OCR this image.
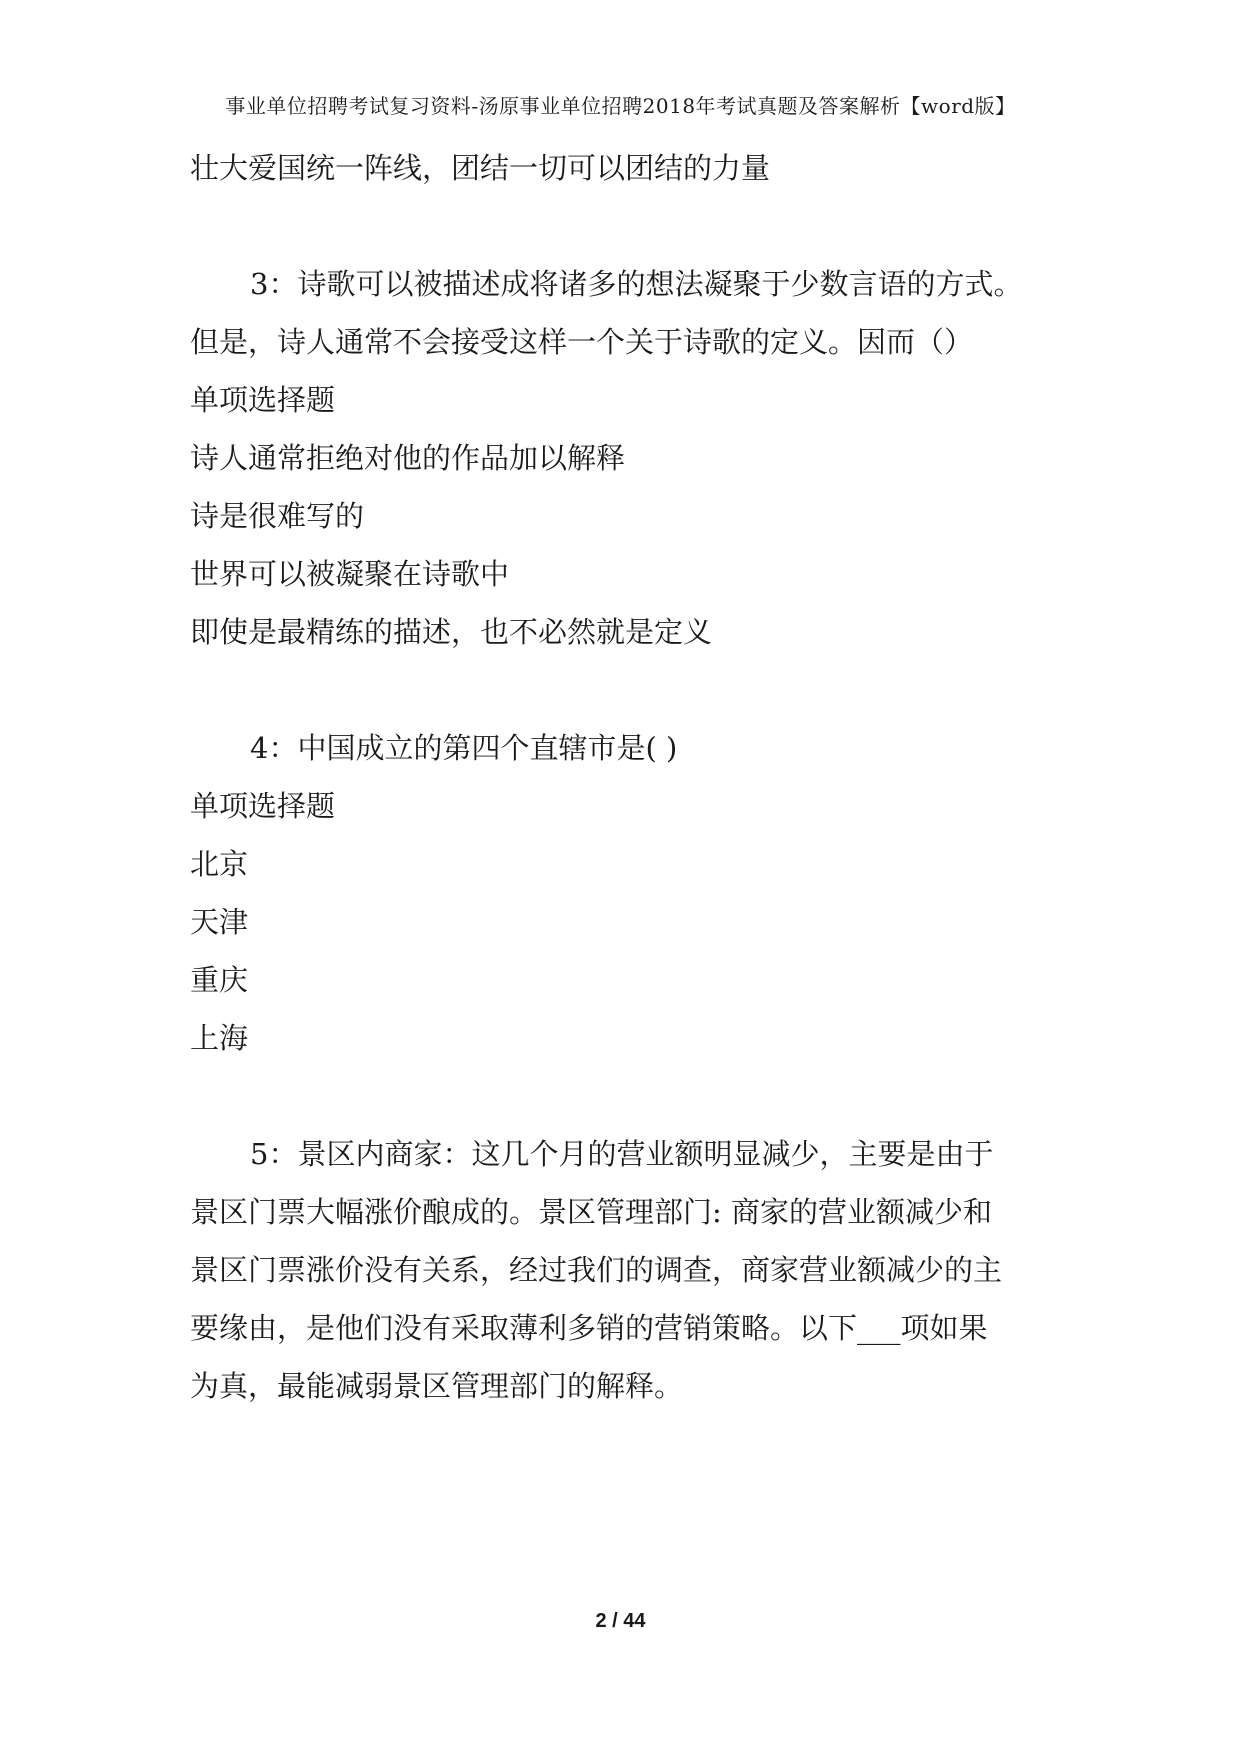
事业单位招聘考试复习资料-汤原事业单位招聘2018年考试真题及答案解析【word版】
壮大爱国统一阵线，团结一切可以团结的力量
3：诗歌可以被描述成将诸多的想法凝聚于少数言语的方式。
但是，诗人通常不会接受这样一个关于诗歌的定义。因而（）
单项选择题
诗人通常拒绝对他的作品加以解释
诗是很难写的
世界可以被凝聚在诗歌中
即使是最精练的描述，也不必然就是定义
4：中国成立的第四个直辖市是( )
单项选择题
北京
天津
重庆
上海
5：景区内商家：这几个月的营业额明显减少，主要是由于
景区门票大幅涨价酿成的。景区管理部门: 商家的营业额减少和
景区门票涨价没有关系，经过我们的调查，商家营业额减少的主
要缘由，是他们没有采取薄利多销的营销策略。以下___项如果
为真，最能减弱景区管理部门的解释。
2 / 44
